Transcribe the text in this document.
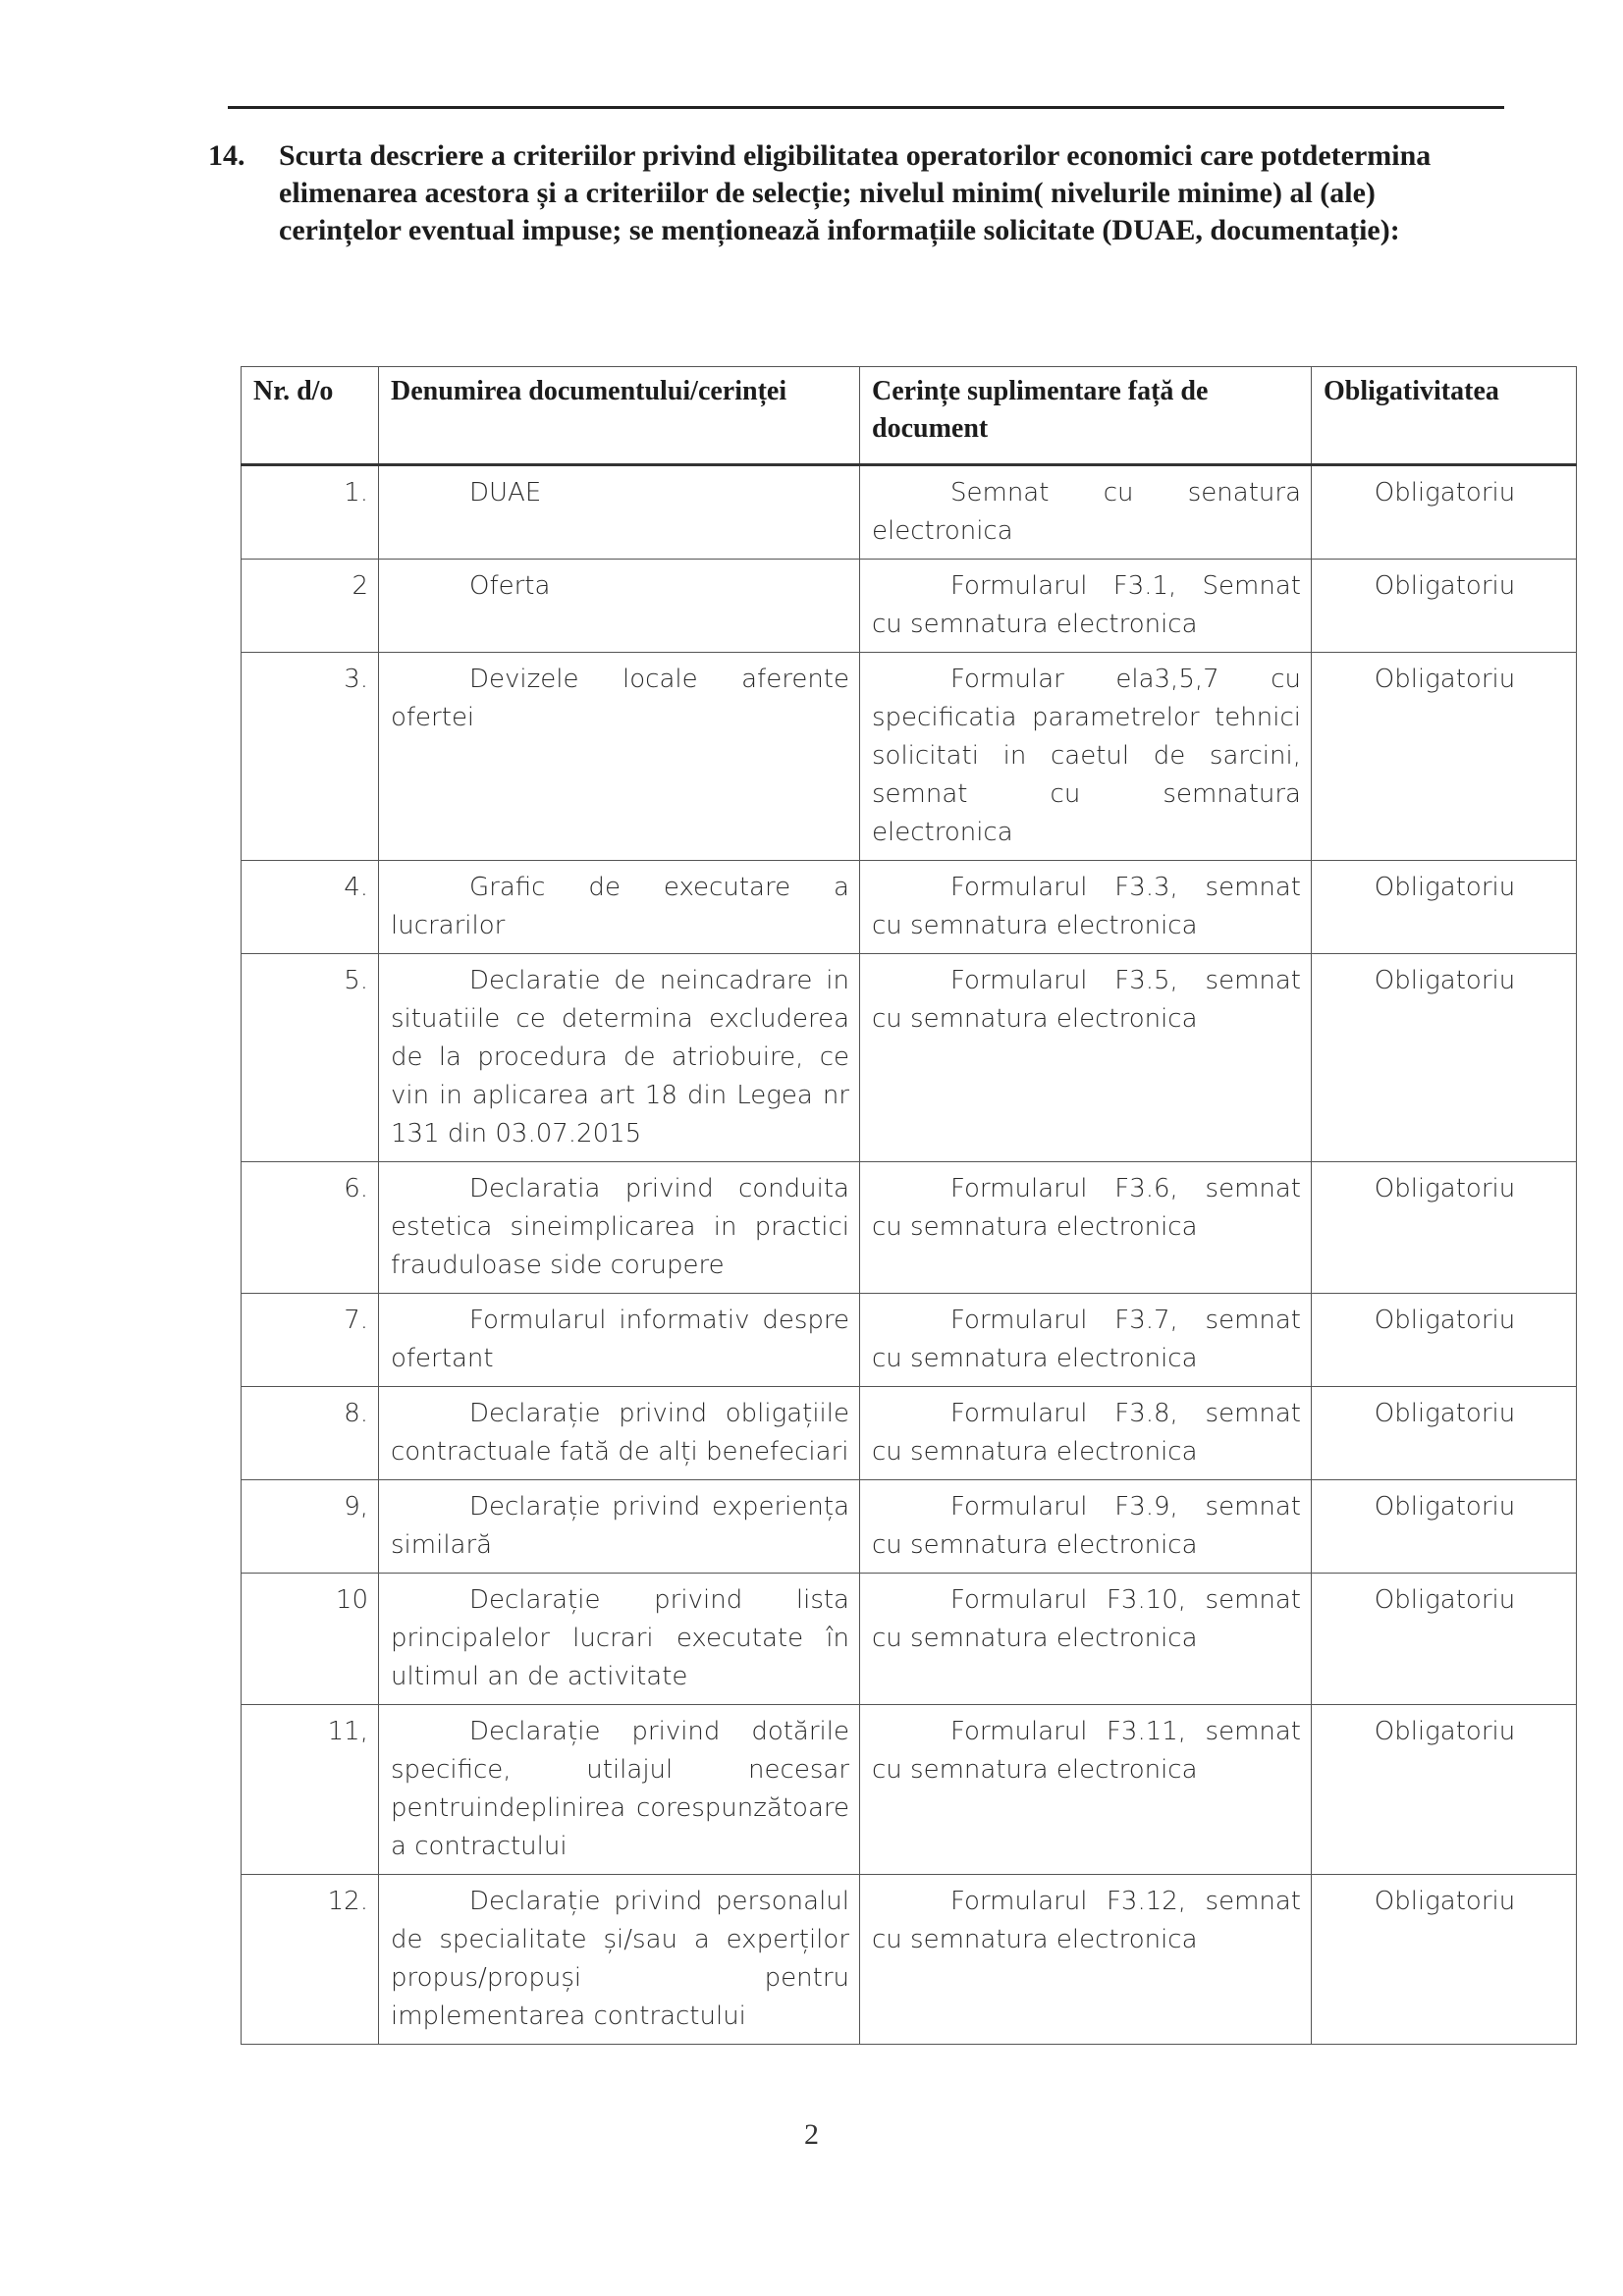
14.	Scurta descriere a criteriilor privind eligibilitatea operatorilor economici care potdetermina elimenarea acestora și a criteriilor de selecție; nivelul minim( nivelurile minime) al (ale) cerințelor eventual impuse; se menționează informațiile solicitate (DUAE, documentație):
Nr. d/o	Denumirea documentului/cerinței	Cerințe suplimentare față de document	Obligativitatea
1.	DUAE	Semnat cu senatura electronica	Obligatoriu
2	Oferta	Formularul F3.1, Semnat cu semnatura electronica	Obligatoriu
3.	Devizele locale aferente ofertei	Formular ela3,5,7 cu specificatia parametrelor tehnici solicitati in caetul de sarcini, semnat cu semnatura electronica	Obligatoriu
4.	Grafic de executare a lucrarilor	Formularul F3.3, semnat cu semnatura electronica	Obligatoriu
5.	Declaratie de neincadrare in situatiile ce determina excluderea de la procedura de atriobuire, ce vin in aplicarea art 18 din Legea nr 131 din 03.07.2015	Formularul F3.5, semnat cu semnatura electronica	Obligatoriu
6.	Declaratia privind conduita estetica sineimplicarea in practici frauduloase side corupere	Formularul F3.6, semnat cu semnatura electronica	Obligatoriu
7.	Formularul informativ despre ofertant	Formularul F3.7, semnat cu semnatura electronica	Obligatoriu
8.	Declarație privind obligațiile contractuale fată de alți benefeciari	Formularul F3.8, semnat cu semnatura electronica	Obligatoriu
9,	Declarație privind experiența similară	Formularul F3.9, semnat cu semnatura electronica	Obligatoriu
10	Declarație privind lista principalelor lucrari executate în ultimul an de activitate	Formularul F3.10, semnat cu semnatura electronica	Obligatoriu
11,	Declarație privind dotările specifice, utilajul necesar pentruindeplinirea corespunzătoare a contractului	Formularul F3.11, semnat cu semnatura electronica	Obligatoriu
12.	Declarație privind personalul de specialitate și/sau a experților propus/propuși pentru implementarea contractului	Formularul F3.12, semnat cu semnatura electronica	Obligatoriu
2
